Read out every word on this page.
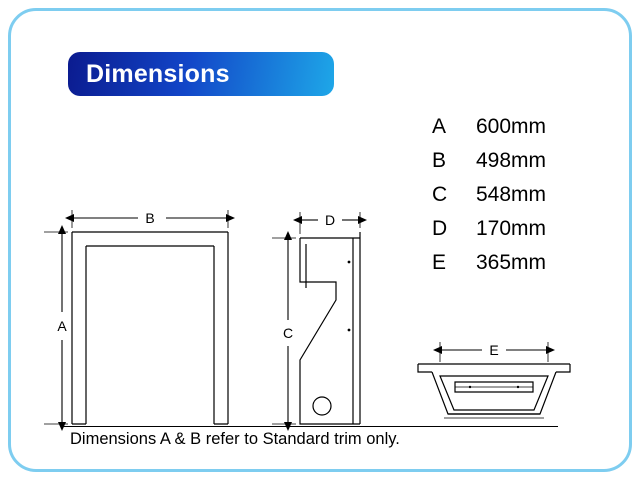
Dimensions
A 600mm
B 498mm
C 548mm
D 170mm
E 365mm
B
A
D
C
E
Dimensions A & B refer to Standard trim only.
